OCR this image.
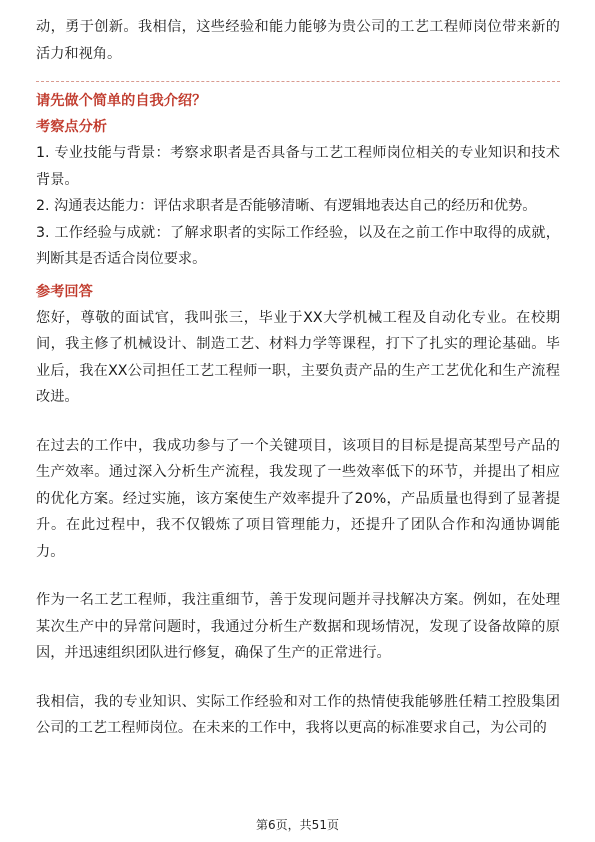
动，勇于创新。我相信，这些经验和能力能够为贵公司的工艺工程师岗位带来新的活力和视角。

请先做个简单的自我介绍？
考察点分析

1. 专业技能与背景：考察求职者是否具备与工艺工程师岗位相关的专业知识和技术背景。

2. 沟通表达能力：评估求职者是否能够清晰、有逻辑地表达自己的经历和优势。

3. 工作经验与成就：了解求职者的实际工作经验，以及在之前工作中取得的成就，判断其是否适合岗位要求。

参考回答

您好，尊敬的面试官，我叫张三，毕业于XX大学机械工程及自动化专业。在校期间，我主修了机械设计、制造工艺、材料力学等课程，打下了扎实的理论基础。毕业后，我在XX公司担任工艺工程师一职，主要负责产品的生产工艺优化和生产流程改进。

在过去的工作中，我成功参与了一个关键项目，该项目的目标是提高某型号产品的生产效率。通过深入分析生产流程，我发现了一些效率低下的环节，并提出了相应的优化方案。经过实施，该方案使生产效率提升了20%，产品质量也得到了显著提升。在此过程中，我不仅锻炼了项目管理能力，还提升了团队合作和沟通协调能力。

作为一名工艺工程师，我注重细节，善于发现问题并寻找解决方案。例如，在处理某次生产中的异常问题时，我通过分析生产数据和现场情况，发现了设备故障的原因，并迅速组织团队进行修复，确保了生产的正常进行。

我相信，我的专业知识、实际工作经验和对工作的热情使我能够胜任精工控股集团公司的工艺工程师岗位。在未来的工作中，我将以更高的标准要求自己，为公司的

第6页，共51页
